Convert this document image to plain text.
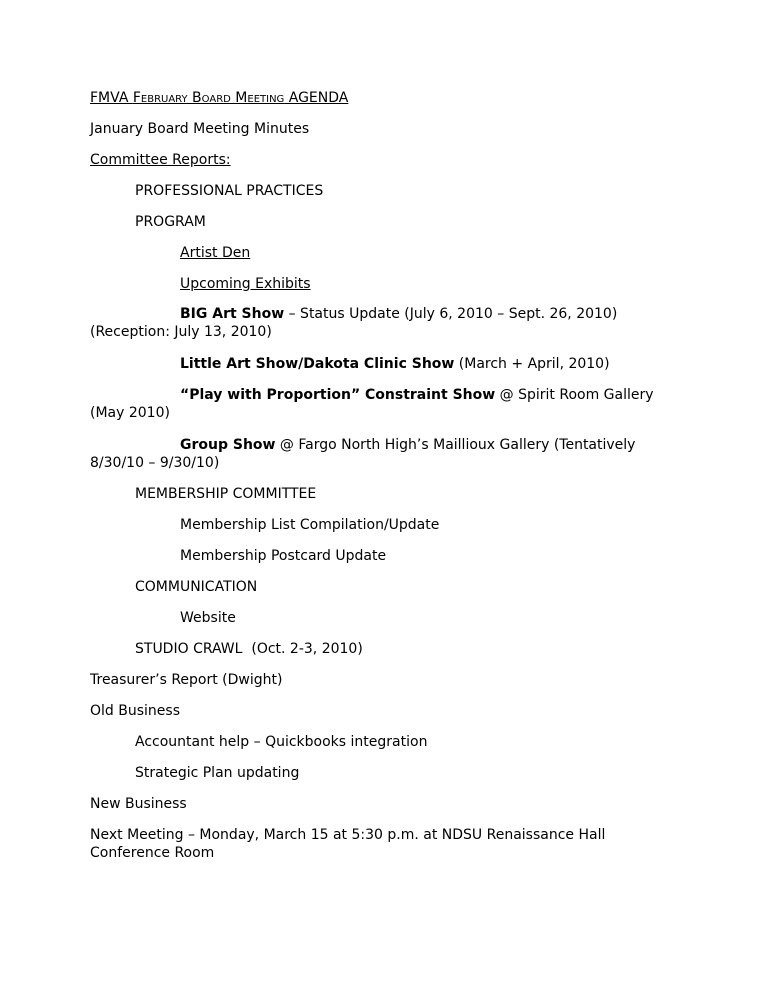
FMVA February Board Meeting AGENDA
January Board Meeting Minutes
Committee Reports:
PROFESSIONAL PRACTICES
PROGRAM
Artist Den
Upcoming Exhibits
BIG Art Show – Status Update (July 6, 2010 – Sept. 26, 2010) (Reception: July 13, 2010)
Little Art Show/Dakota Clinic Show (March + April, 2010)
“Play with Proportion” Constraint Show @ Spirit Room Gallery (May 2010)
Group Show @ Fargo North High’s Maillioux Gallery (Tentatively 8/30/10 – 9/30/10)
MEMBERSHIP COMMITTEE
Membership List Compilation/Update
Membership Postcard Update
COMMUNICATION
Website
STUDIO CRAWL  (Oct. 2-3, 2010)
Treasurer’s Report (Dwight)
Old Business
Accountant help – Quickbooks integration
Strategic Plan updating
New Business
Next Meeting – Monday, March 15 at 5:30 p.m. at NDSU Renaissance Hall Conference Room
